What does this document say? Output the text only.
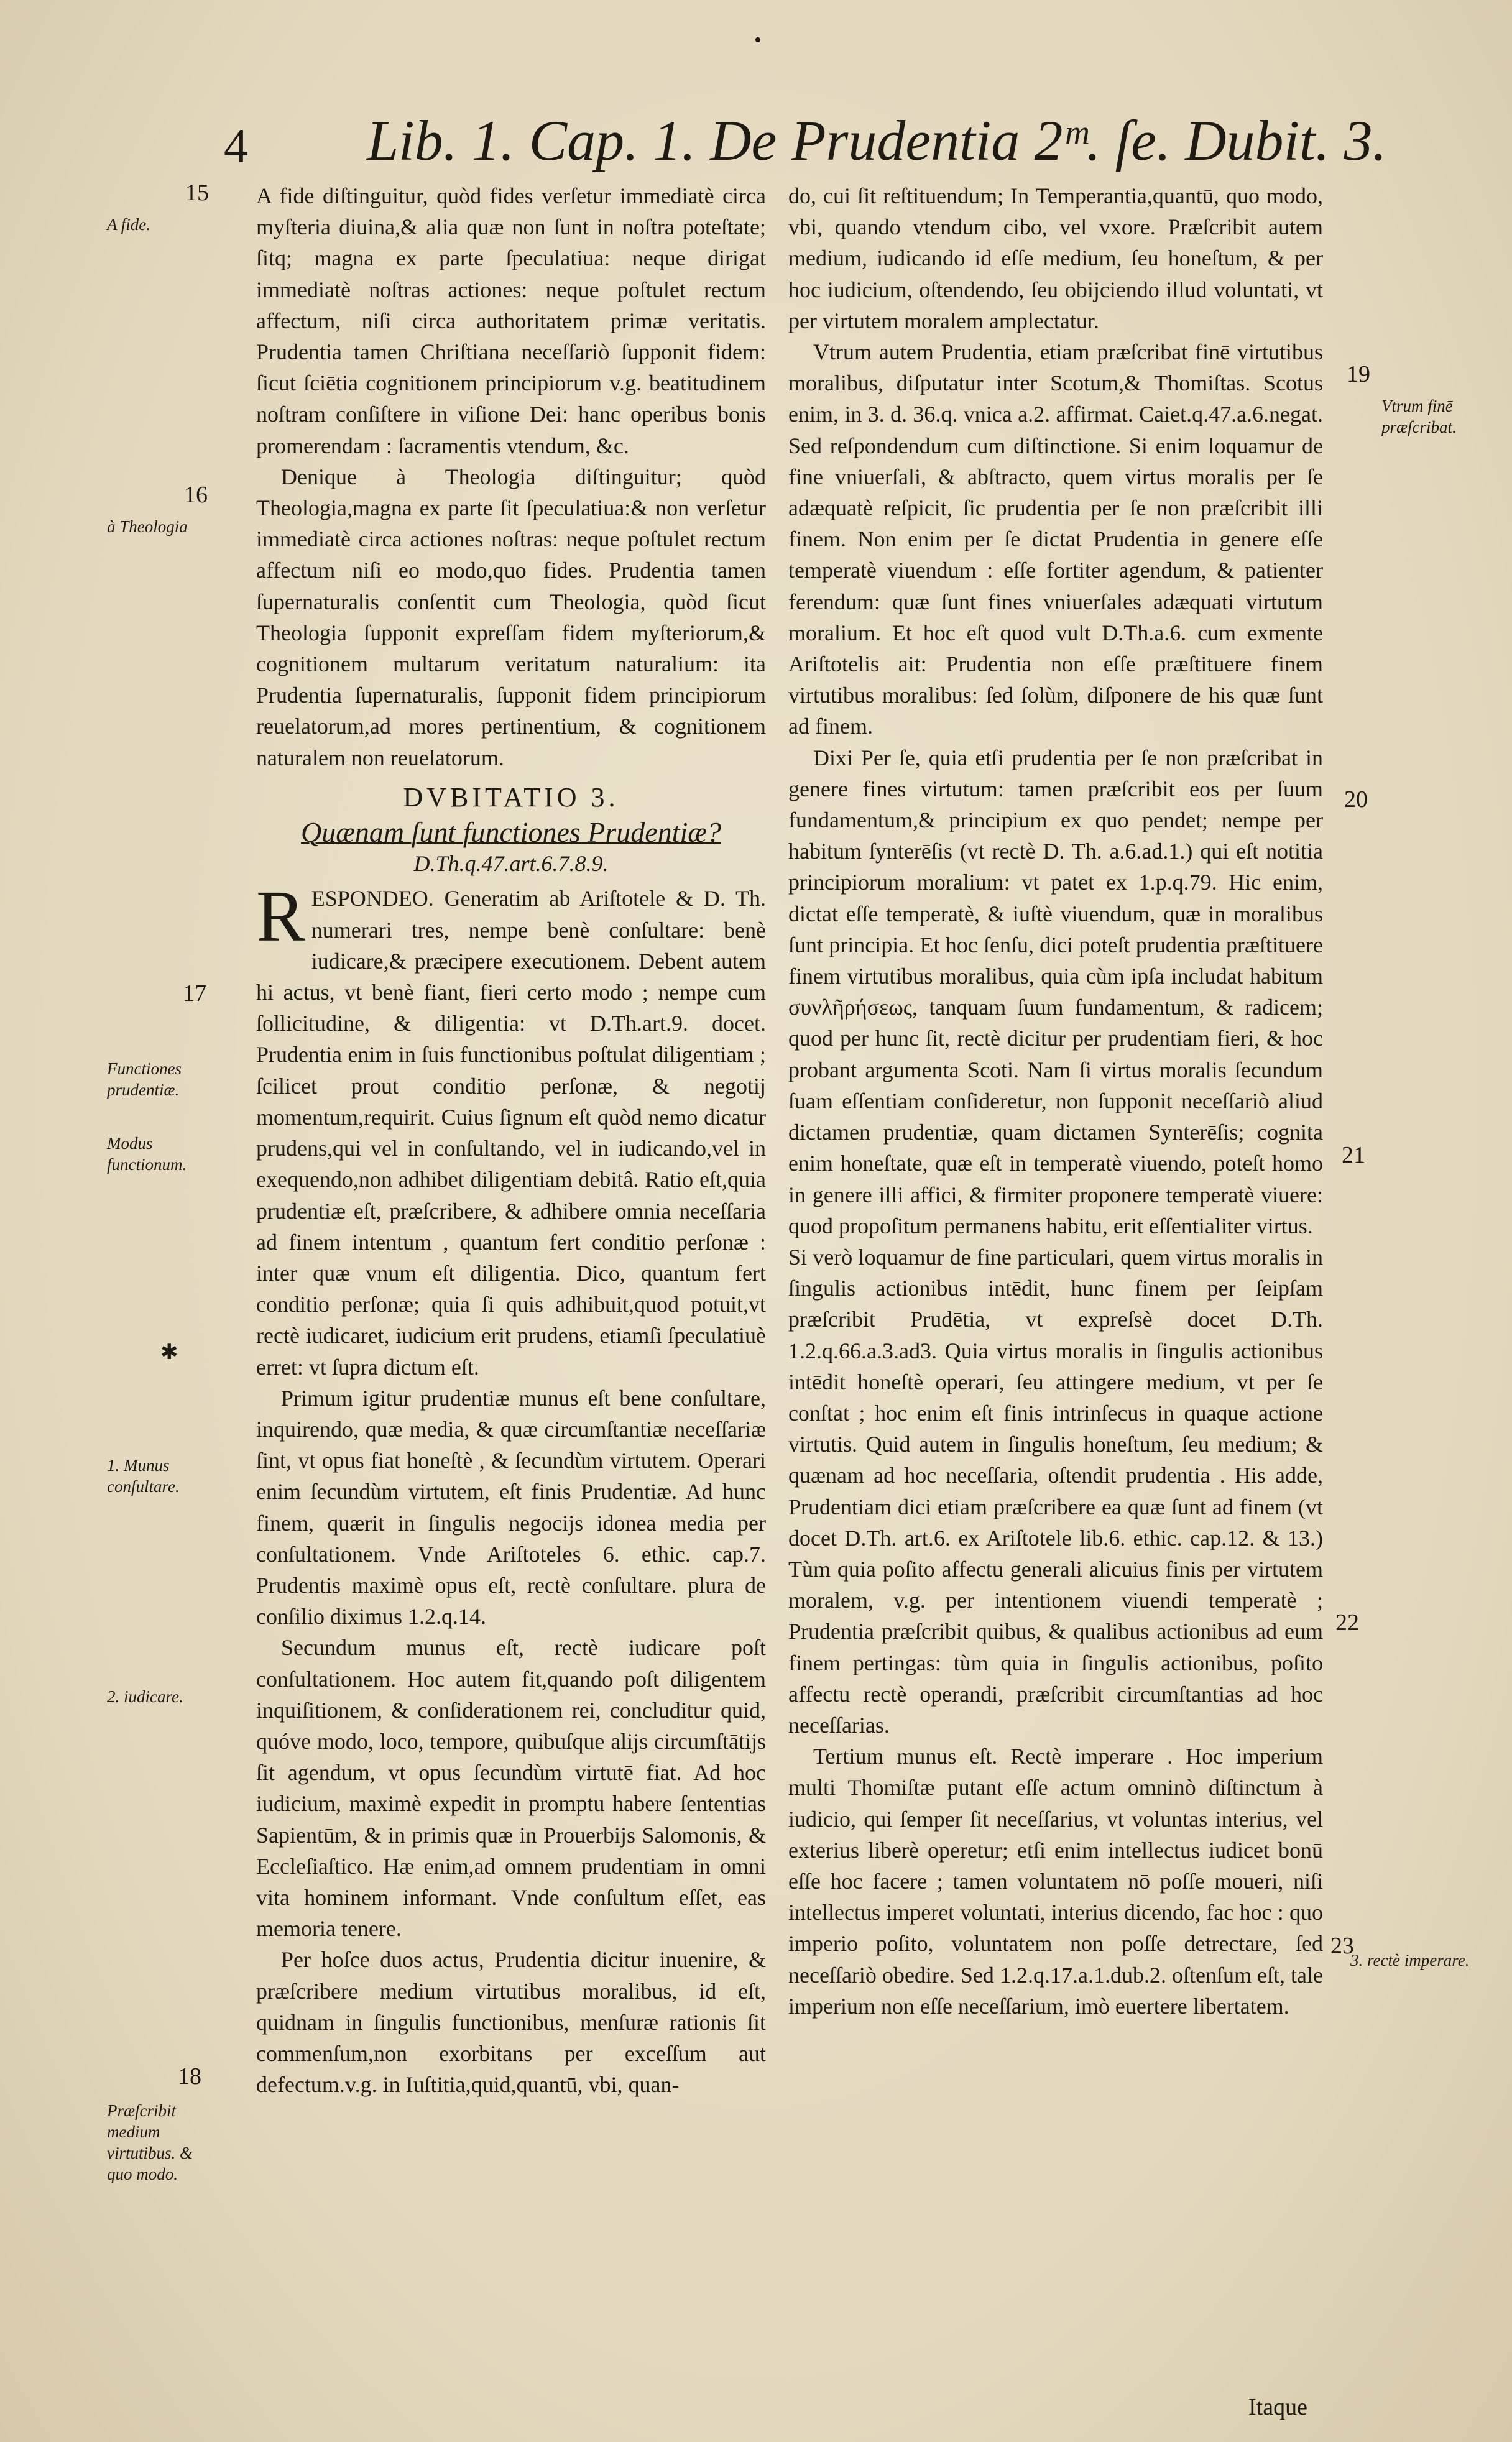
•
4 Lib. 1. Cap. 1. De Prudentia 2ᵐ. ſe. Dubit. 3.
15
A fide.
16
à Theologia
17
Functiones prudentiæ.
Modus functionum.
1. Munus conſultare.
2. iudicare.
18
Præſcribit medium virtutibus. & quo modo.
✱
19
Vtrum finē præſcribat.
20
21
22
23
3. rectè imperare.

A fide diſtinguitur, quòd fides verſetur immediatè circa myſteria diuina,& alia quæ non ſunt in noſtra poteſtate; ſitq; magna ex parte ſpeculatiua: neque dirigat immediatè noſtras actiones: neque poſtulet rectum affectum, niſi circa authoritatem primæ veritatis. Prudentia tamen Chriſtiana neceſſariò ſupponit fidem: ſicut ſciētia cognitionem principiorum v.g. beatitudinem noſtram conſiſtere in viſione Dei: hanc operibus bonis promerendam : ſacramentis vtendum, &c.

Denique à Theologia diſtinguitur; quòd Theologia,magna ex parte ſit ſpeculatiua:& non verſetur immediatè circa actiones noſtras: neque poſtulet rectum affectum niſi eo modo,quo fides. Prudentia tamen ſupernaturalis conſentit cum Theologia, quòd ſicut Theologia ſupponit expreſſam fidem myſteriorum,& cognitionem multarum veritatum naturalium: ita Prudentia ſupernaturalis, ſupponit fidem principiorum reuelatorum,ad mores pertinentium, & cognitionem naturalem non reuelatorum.

DVBITATIO 3.
Quænam ſunt functiones Prudentiæ?
D.Th.q.47.art.6.7.8.9.

RESPONDEO. Generatim ab Ariſtotele & D. Th. numerari tres, nempe benè conſultare: benè iudicare,& præcipere executionem. Debent autem hi actus, vt benè fiant, fieri certo modo ; nempe cum ſollicitudine, & diligentia: vt D.Th.art.9. docet. Prudentia enim in ſuis functionibus poſtulat diligentiam ; ſcilicet prout conditio perſonæ, & negotij momentum,requirit. Cuius ſignum eſt quòd nemo dicatur prudens,qui vel in conſultando, vel in iudicando,vel in exequendo,non adhibet diligentiam debitâ. Ratio eſt,quia prudentiæ eſt, præſcribere, & adhibere omnia neceſſaria ad finem intentum , quantum fert conditio perſonæ : inter quæ vnum eſt diligentia. Dico, quantum fert conditio perſonæ; quia ſi quis adhibuit,quod potuit,vt rectè iudicaret, iudicium erit prudens, etiamſi ſpeculatiuè erret: vt ſupra dictum eſt.

Primum igitur prudentiæ munus eſt bene conſultare, inquirendo, quæ media, & quæ circumſtantiæ neceſſariæ ſint, vt opus fiat honeſtè , & ſecundùm virtutem. Operari enim ſecundùm virtutem, eſt finis Prudentiæ. Ad hunc finem, quærit in ſingulis negocijs idonea media per conſultationem. Vnde Ariſtoteles 6. ethic. cap.7. Prudentis maximè opus eſt, rectè conſultare. plura de conſilio diximus 1.2.q.14.

Secundum munus eſt, rectè iudicare poſt conſultationem. Hoc autem fit,quando poſt diligentem inquiſitionem, & conſiderationem rei, concluditur quid, quóve modo, loco, tempore, quibuſque alijs circumſtātijs ſit agendum, vt opus ſecundùm virtutē fiat. Ad hoc iudicium, maximè expedit in promptu habere ſententias Sapientūm, & in primis quæ in Prouerbijs Salomonis, & Eccleſiaſtico. Hæ enim,ad omnem prudentiam in omni vita hominem informant. Vnde conſultum eſſet, eas memoria tenere.

Per hoſce duos actus, Prudentia dicitur inuenire, & præſcribere medium virtutibus moralibus, id eſt, quidnam in ſingulis functionibus, menſuræ rationis ſit commenſum,non exorbitans per exceſſum aut defectum.v.g. in Iuſtitia,quid,quantū, vbi, quan-

do, cui ſit reſtituendum; In Temperantia,quantū, quo modo, vbi, quando vtendum cibo, vel vxore. Præſcribit autem medium, iudicando id eſſe medium, ſeu honeſtum, & per hoc iudicium, oſtendendo, ſeu obijciendo illud voluntati, vt per virtutem moralem amplectatur.

Vtrum autem Prudentia, etiam præſcribat finē virtutibus moralibus, diſputatur inter Scotum,& Thomiſtas. Scotus enim, in 3. d. 36.q. vnica a.2. affirmat. Caiet.q.47.a.6.negat. Sed reſpondendum cum diſtinctione. Si enim loquamur de fine vniuerſali, & abſtracto, quem virtus moralis per ſe adæquatè reſpicit, ſic prudentia per ſe non præſcribit illi finem. Non enim per ſe dictat Prudentia in genere eſſe temperatè viuendum : eſſe fortiter agendum, & patienter ferendum: quæ ſunt fines vniuerſales adæquati virtutum moralium. Et hoc eſt quod vult D.Th.a.6. cum exmente Ariſtotelis ait: Prudentia non eſſe præſtituere finem virtutibus moralibus: ſed ſolùm, diſponere de his quæ ſunt ad finem.

Dixi Per ſe, quia etſi prudentia per ſe non præſcribat in genere fines virtutum: tamen præſcribit eos per ſuum fundamentum,& principium ex quo pendet; nempe per habitum ſynterēſis (vt rectè D. Th. a.6.ad.1.) qui eſt notitia principiorum moralium: vt patet ex 1.p.q.79. Hic enim, dictat eſſe temperatè, & iuſtè viuendum, quæ in moralibus ſunt principia. Et hoc ſenſu, dici poteſt prudentia præſtituere finem virtutibus moralibus, quia cùm ipſa includat habitum συνλῆρήσεως, tanquam ſuum fundamentum, & radicem; quod per hunc ſit, rectè dicitur per prudentiam fieri, & hoc probant argumenta Scoti. Nam ſi virtus moralis ſecundum ſuam eſſentiam conſideretur, non ſupponit neceſſariò aliud dictamen prudentiæ, quam dictamen Synterēſis; cognita enim honeſtate, quæ eſt in temperatè viuendo, poteſt homo in genere illi affici, & firmiter proponere temperatè viuere: quod propoſitum permanens habitu, erit eſſentialiter virtus.

Si verò loquamur de fine particulari, quem virtus moralis in ſingulis actionibus intēdit, hunc finem per ſeipſam præſcribit Prudētia, vt expreſsè docet D.Th. 1.2.q.66.a.3.ad3. Quia virtus moralis in ſingulis actionibus intēdit honeſtè operari, ſeu attingere medium, vt per ſe conſtat ; hoc enim eſt finis intrinſecus in quaque actione virtutis. Quid autem in ſingulis honeſtum, ſeu medium; & quænam ad hoc neceſſaria, oſtendit prudentia . His adde, Prudentiam dici etiam præſcribere ea quæ ſunt ad finem (vt docet D.Th. art.6. ex Ariſtotele lib.6. ethic. cap.12. & 13.) Tùm quia poſito affectu generali alicuius finis per virtutem moralem, v.g. per intentionem viuendi temperatè ; Prudentia præſcribit quibus, & qualibus actionibus ad eum finem pertingas: tùm quia in ſingulis actionibus, poſito affectu rectè operandi, præſcribit circumſtantias ad hoc neceſſarias.

Tertium munus eſt. Rectè imperare . Hoc imperium multi Thomiſtæ putant eſſe actum omninò diſtinctum à iudicio, qui ſemper ſit neceſſarius, vt voluntas interius, vel exterius liberè operetur; etſi enim intellectus iudicet bonū eſſe hoc facere ; tamen voluntatem nō poſſe moueri, niſi intellectus imperet voluntati, interius dicendo, fac hoc : quo imperio poſito, voluntatem non poſſe detrectare, ſed neceſſariò obedire. Sed 1.2.q.17.a.1.dub.2. oſtenſum eſt, tale imperium non eſſe neceſſarium, imò euertere libertatem.

Itaque
